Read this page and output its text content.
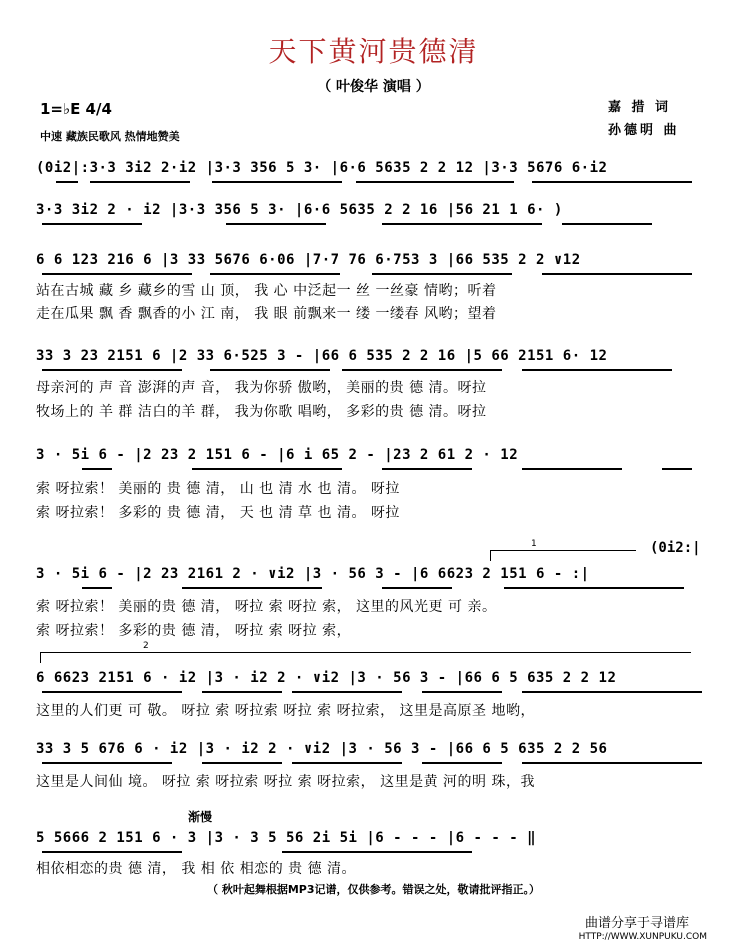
天下黄河贵德清
（ 叶俊华 演唱 ）
嘉 措 词
孙德明 曲
1=♭E 4/4
中速 藏族民歌风 热情地赞美
(0i2|:3·3 3i2 2·i2 |3·3 356 5 3· |6·6 5635 2 2 12 |3·3 5676 6·i2
3·3 3i2 2 · i2 |3·3 356 5 3· |6·6 5635 2 2 16 |56 21 1 6· )
6 6 123 216 6 |3 33 5676 6·06 |7·7 76 6·753 3 |66 535 2 2 ∨12
站在古城 藏 乡 藏乡的雪 山 顶， 我 心 中泛起一 丝 一丝豪 情哟；听着
走在瓜果 飘 香 飘香的小 江 南， 我 眼 前飘来一 缕 一缕春 风哟；望着
33 3 23 2151 6 |2 33 6·525 3 - |66 6 535 2 2 16 |5 66 2151 6· 12
母亲河的 声 音 澎湃的声 音， 我为你骄 傲哟， 美丽的贵 德 清。呀拉
牧场上的 羊 群 洁白的羊 群， 我为你歌 唱哟， 多彩的贵 德 清。呀拉
3 · 5i 6 - |2 23 2 151 6 - |6 i 65 2 - |23 2 61 2 · 12
索 呀拉索！ 美丽的 贵 德 清， 山 也 清 水 也 清。 呀拉
索 呀拉索！ 多彩的 贵 德 清， 天 也 清 草 也 清。 呀拉
1	(0i2:|
3 · 5i 6 - |2 23 2161 2 · ∨i2 |3 · 56 3 - |6 6623 2 151 6 - :|
索 呀拉索！ 美丽的贵 德 清， 呀拉 索 呀拉 索， 这里的风光更 可 亲。
索 呀拉索！ 多彩的贵 德 清， 呀拉 索 呀拉 索，
2
6 6623 2151 6 · i2 |3 · i2 2 · ∨i2 |3 · 56 3 - |66 6 5 635 2 2 12
这里的人们更 可 敬。 呀拉 索 呀拉索 呀拉 索 呀拉索， 这里是高原圣 地哟，
33 3 5 676 6 · i2 |3 · i2 2 · ∨i2 |3 · 56 3 - |66 6 5 635 2 2 56
这里是人间仙 境。 呀拉 索 呀拉索 呀拉 索 呀拉索， 这里是黄 河的明 珠，我
渐慢
5 5666 2 151 6 · 3 |3 · 3 5 56 2i 5i |6 - - - |6 - - - ‖
相依相恋的贵 德 清， 我 相 依 相恋的 贵 德 清。
（ 秋叶起舞根据MP3记谱，仅供参考。错误之处，敬请批评指正。）
曲谱分享于寻谱库
HTTP://WWW.XUNPUKU.COM
